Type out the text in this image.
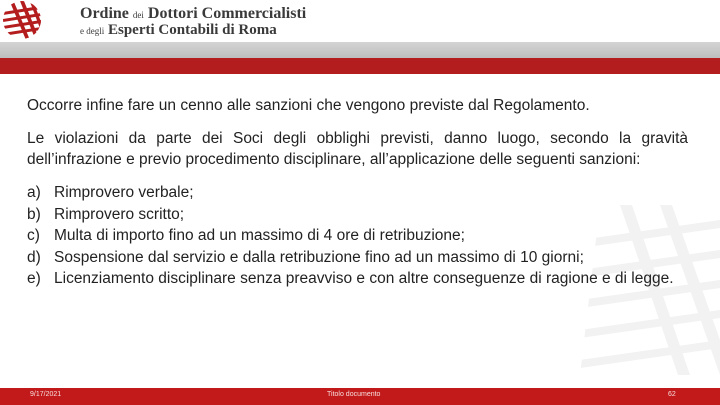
Ordine dei Dottori Commercialisti
e degli Esperti Contabili di Roma

Occorre infine fare un cenno alle sanzioni che vengono previste dal Regolamento.

Le violazioni da parte dei Soci degli obblighi previsti, danno luogo, secondo la gravità dell’infrazione e previo procedimento disciplinare, all’applicazione delle seguenti sanzioni:

a) Rimprovero verbale;
b) Rimprovero scritto;
c) Multa di importo fino ad un massimo di 4 ore di retribuzione;
d) Sospensione dal servizio e dalla retribuzione fino ad un massimo di 10 giorni;
e) Licenziamento disciplinare senza preavviso e con altre conseguenze di ragione e di legge.
9/17/2021	Titolo documento	62
